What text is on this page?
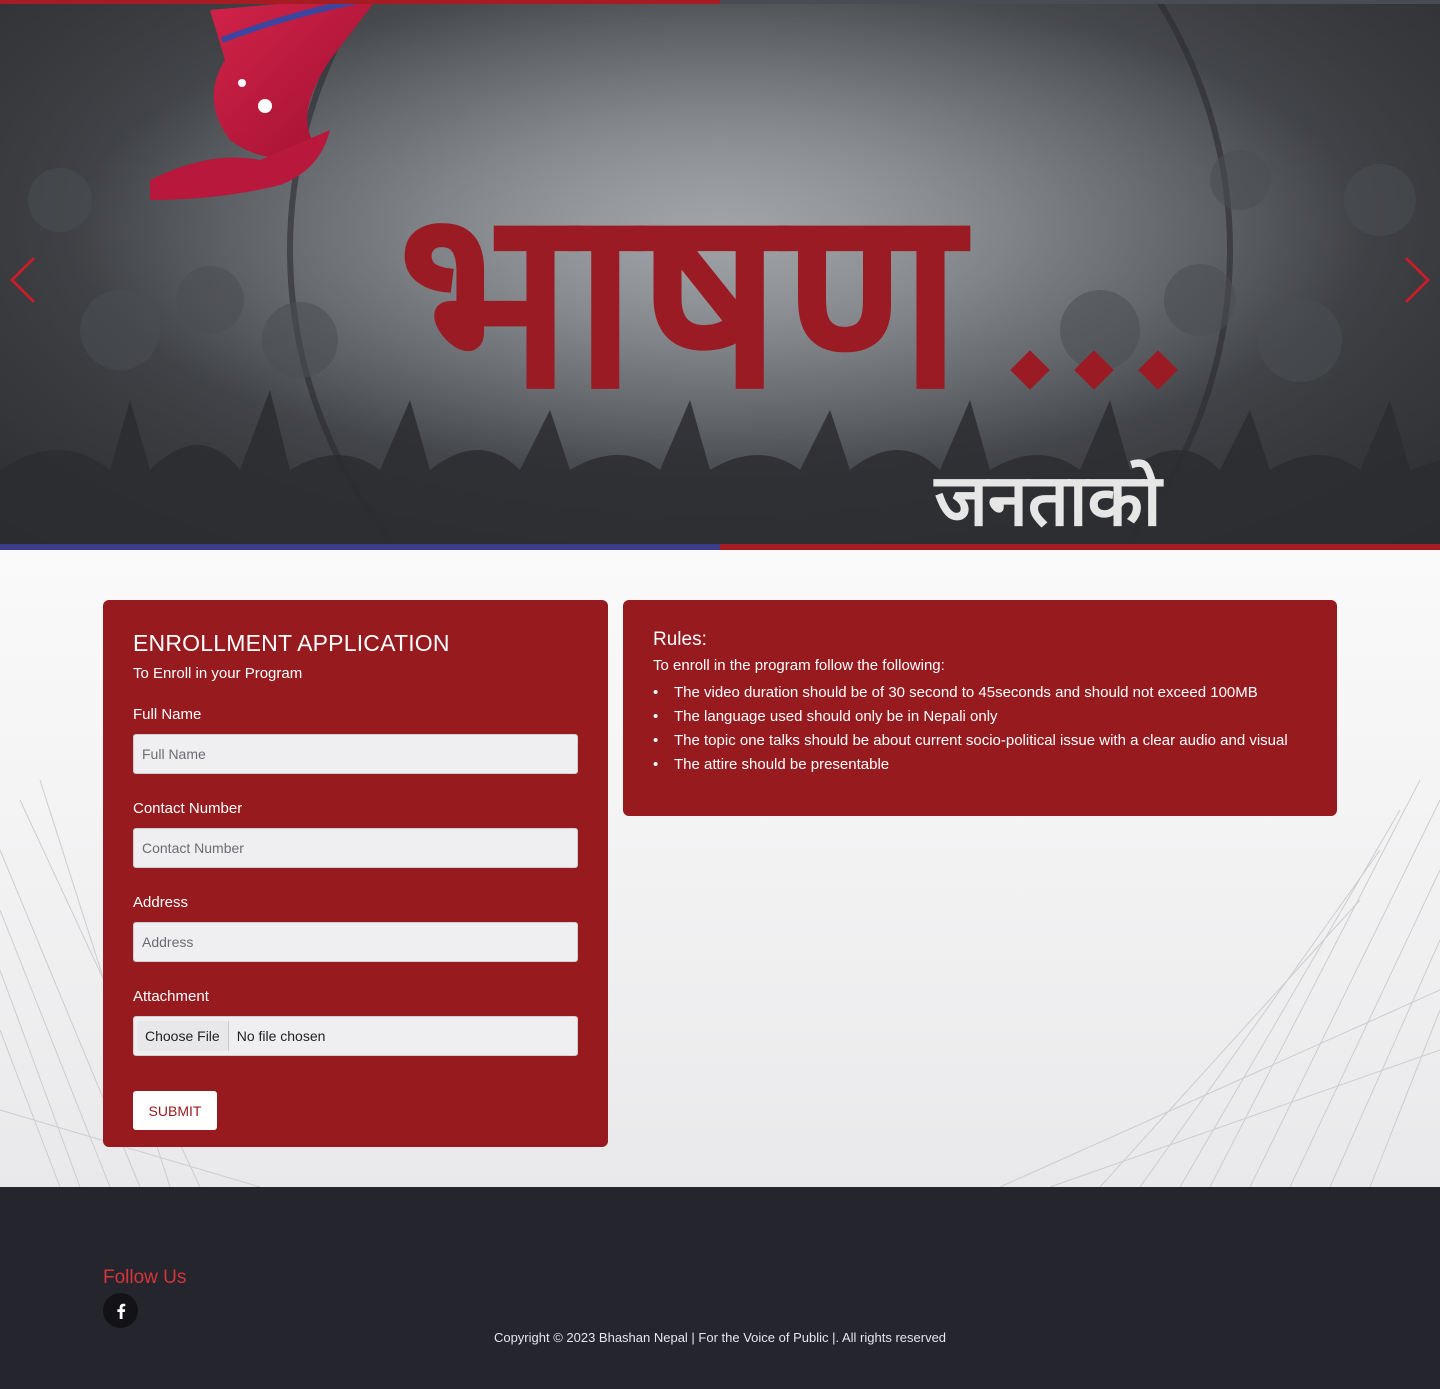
भाषण
जनताको
ENROLLMENT APPLICATION

To Enroll in your Program

Full Name
Full Name
Contact Number
Contact Number
Address
Address
Attachment
Choose File	No file chosen
SUBMIT
Rules:

To enroll in the program follow the following:

• The video duration should be of 30 second to 45seconds and should not exceed 100MB
• The language used should only be in Nepali only
• The topic one talks should be about current socio-political issue with a clear audio and visual
• The attire should be presentable
Follow Us

Copyright © 2023 Bhashan Nepal | For the Voice of Public |. All rights reserved
